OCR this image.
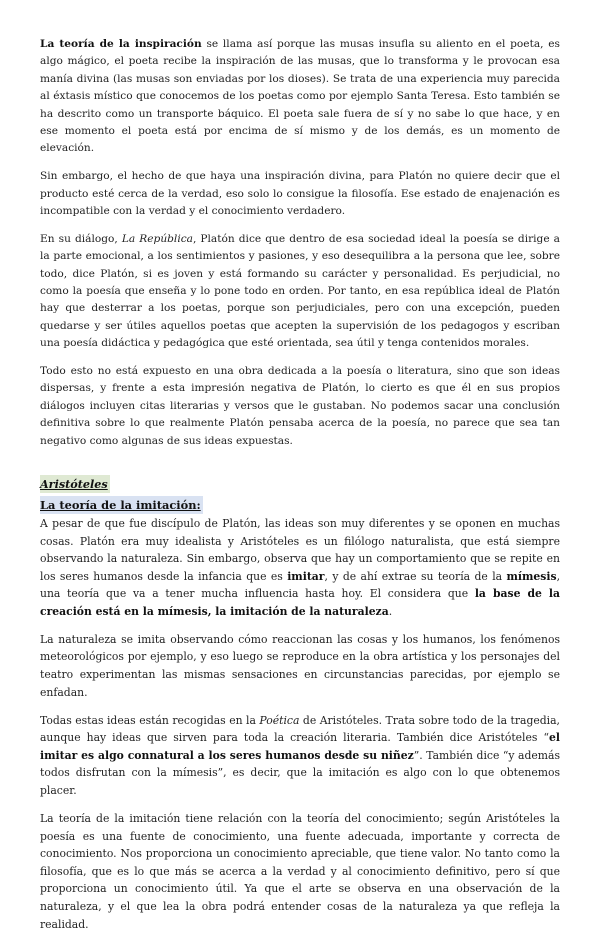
La teoría de la inspiración se llama así porque las musas insufla su aliento en el poeta, es algo mágico, el poeta recibe la inspiración de las musas, que lo transforma y le provocan esa manía divina (las musas son enviadas por los dioses). Se trata de una experiencia muy parecida al éxtasis místico que conocemos de los poetas como por ejemplo Santa Teresa. Esto también se ha descrito como un transporte báquico. El poeta sale fuera de sí y no sabe lo que hace, y en ese momento el poeta está por encima de sí mismo y de los demás, es un momento de elevación.

Sin embargo, el hecho de que haya una inspiración divina, para Platón no quiere decir que el producto esté cerca de la verdad, eso solo lo consigue la filosofía. Ese estado de enajenación es incompatible con la verdad y el conocimiento verdadero.

En su diálogo, La República, Platón dice que dentro de esa sociedad ideal la poesía se dirige a la parte emocional, a los sentimientos y pasiones, y eso desequilibra a la persona que lee, sobre todo, dice Platón, si es joven y está formando su carácter y personalidad. Es perjudicial, no como la poesía que enseña y lo pone todo en orden. Por tanto, en esa república ideal de Platón hay que desterrar a los poetas, porque son perjudiciales, pero con una excepción, pueden quedarse y ser útiles aquellos poetas que acepten la supervisión de los pedagogos y escriban una poesía didáctica y pedagógica que esté orientada, sea útil y tenga contenidos morales.

Todo esto no está expuesto en una obra dedicada a la poesía o literatura, sino que son ideas dispersas, y frente a esta impresión negativa de Platón, lo cierto es que él en sus propios diálogos incluyen citas literarias y versos que le gustaban. No podemos sacar una conclusión definitiva sobre lo que realmente Platón pensaba acerca de la poesía, no parece que sea tan negativo como algunas de sus ideas expuestas.

Aristóteles
La teoría de la imitación:

A pesar de que fue discípulo de Platón, las ideas son muy diferentes y se oponen en muchas cosas. Platón era muy idealista y Aristóteles es un filólogo naturalista, que está siempre observando la naturaleza. Sin embargo, observa que hay un comportamiento que se repite en los seres humanos desde la infancia que es imitar, y de ahí extrae su teoría de la mímesis, una teoría que va a tener mucha influencia hasta hoy. El considera que la base de la creación está en la mímesis, la imitación de la naturaleza.

La naturaleza se imita observando cómo reaccionan las cosas y los humanos, los fenómenos meteorológicos por ejemplo, y eso luego se reproduce en la obra artística y los personajes del teatro experimentan las mismas sensaciones en circunstancias parecidas, por ejemplo se enfadan.

Todas estas ideas están recogidas en la Poética de Aristóteles. Trata sobre todo de la tragedia, aunque hay ideas que sirven para toda la creación literaria. También dice Aristóteles “el imitar es algo connatural a los seres humanos desde su niñez”. También dice “y además todos disfrutan con la mímesis”, es decir, que la imitación es algo con lo que obtenemos placer.

La teoría de la imitación tiene relación con la teoría del conocimiento; según Aristóteles la poesía es una fuente de conocimiento, una fuente adecuada, importante y correcta de conocimiento. Nos proporciona un conocimiento apreciable, que tiene valor. No tanto como la filosofía, que es lo que más se acerca a la verdad y al conocimiento definitivo, pero sí que proporciona un conocimiento útil. Ya que el arte se observa en una observación de la naturaleza, y el que lea la obra podrá entender cosas de la naturaleza ya que refleja la realidad.
